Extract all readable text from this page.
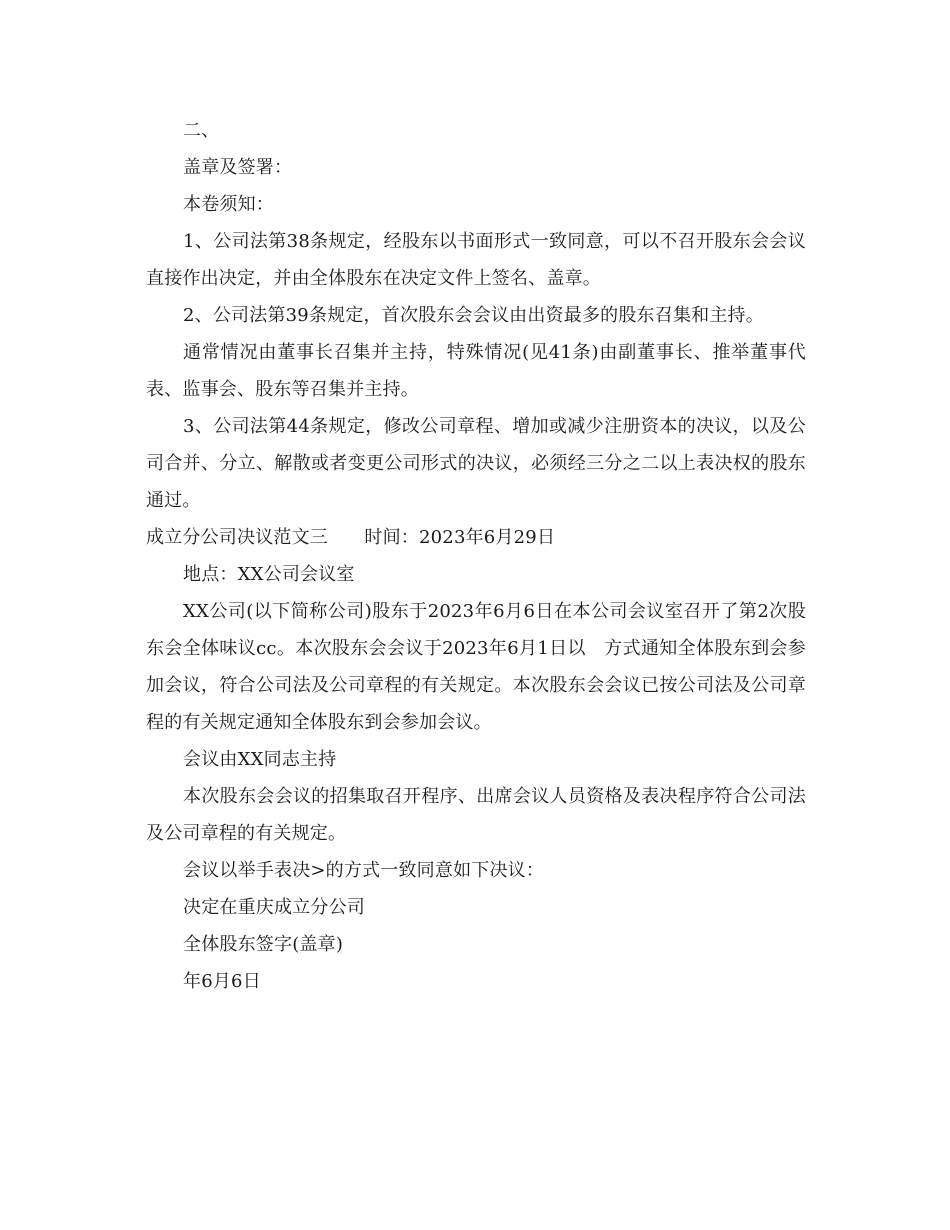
二、

盖章及签署：

本卷须知：

1、公司法第38条规定，经股东以书面形式一致同意，可以不召开股东会会议直接作出决定，并由全体股东在决定文件上签名、盖章。

2、公司法第39条规定，首次股东会会议由出资最多的股东召集和主持。

通常情况由董事长召集并主持，特殊情况(见41条)由副董事长、推举董事代表、监事会、股东等召集并主持。

3、公司法第44条规定，修改公司章程、增加或减少注册资本的决议，以及公司合并、分立、解散或者变更公司形式的决议，必须经三分之二以上表决权的股东通过。

成立分公司决议范文三　　时间：2023年6月29日

地点：XX公司会议室

XX公司(以下简称公司)股东于2023年6月6日在本公司会议室召开了第2次股东会全体味议cc。本次股东会会议于2023年6月1日以　方式通知全体股东到会参加会议，符合公司法及公司章程的有关规定。本次股东会会议已按公司法及公司章程的有关规定通知全体股东到会参加会议。

会议由XX同志主持

本次股东会会议的招集取召开程序、出席会议人员资格及表决程序符合公司法及公司章程的有关规定。

会议以举手表决>的方式一致同意如下决议：

决定在重庆成立分公司

全体股东签字(盖章)

年6月6日
